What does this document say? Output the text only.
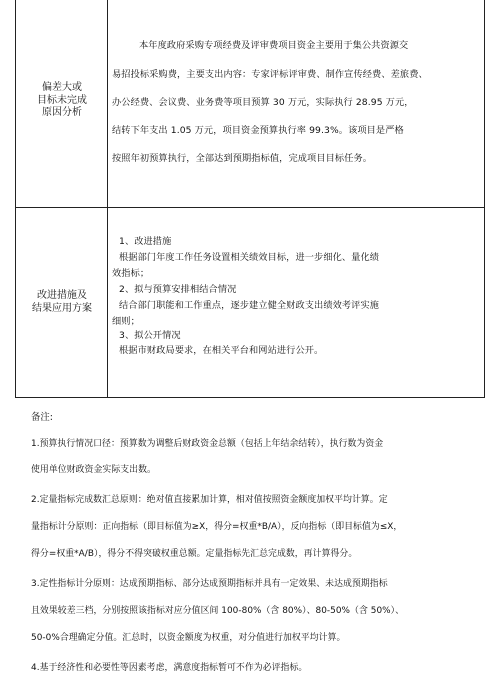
偏差大或
目标未完成
原因分析
本年度政府采购专项经费及评审费项目资金主要用于集公共资源交
易招投标采购费，主要支出内容：专家评标评审费、制作宣传经费、差旅费、
办公经费、会议费、业务费等项目预算 30 万元，实际执行 28.95 万元，
结转下年支出 1.05 万元，项目资金预算执行率 99.3%。该项目是严格
按照年初预算执行，全部达到预期指标值，完成项目目标任务。
改进措施及
结果应用方案
1、改进措施
根据部门年度工作任务设置相关绩效目标，进一步细化、量化绩
效指标；
2、拟与预算安排相结合情况
结合部门职能和工作重点，逐步建立健全财政支出绩效考评实施
细则；
3、拟公开情况
根据市财政局要求，在相关平台和网站进行公开。
备注:
1.预算执行情况口径：预算数为调整后财政资金总额（包括上年结余结转），执行数为资金
使用单位财政资金实际支出数。
2.定量指标完成数汇总原则：绝对值直接累加计算，相对值按照资金额度加权平均计算。定
量指标计分原则：正向指标（即目标值为≥X，得分=权重*B/A），反向指标（即目标值为≤X，
得分=权重*A/B），得分不得突破权重总额。定量指标先汇总完成数，再计算得分。
3.定性指标计分原则：达成预期指标、部分达成预期指标并具有一定效果、未达成预期指标
且效果较差三档，分别按照该指标对应分值区间 100-80%（含 80%）、80-50%（含 50%）、
50-0%合理确定分值。汇总时，以资金额度为权重，对分值进行加权平均计算。
4.基于经济性和必要性等因素考虑，满意度指标暂可不作为必评指标。
